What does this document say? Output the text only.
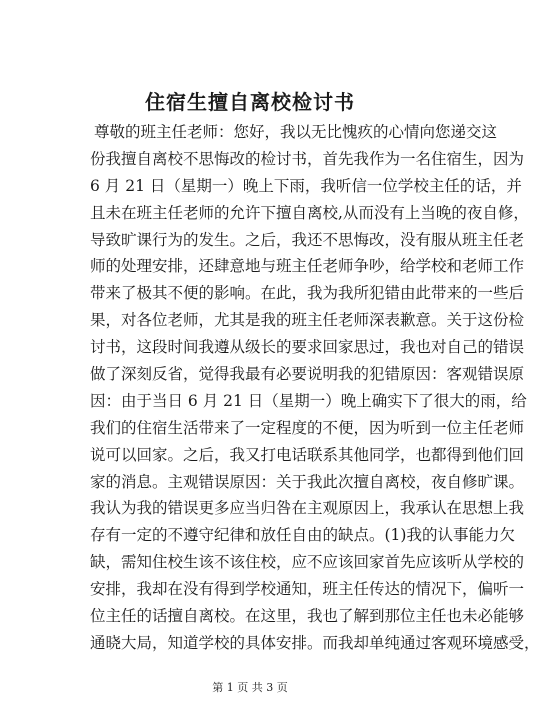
住宿生擅自离校检讨书
尊敬的班主任老师：您好，我以无比愧疚的心情向您递交这
份我擅自离校不思悔改的检讨书，首先我作为一名住宿生，因为
6 月 21 日（星期一）晚上下雨，我听信一位学校主任的话，并
且未在班主任老师的允许下擅自离校,从而没有上当晚的夜自修，
导致旷课行为的发生。之后，我还不思悔改，没有服从班主任老
师的处理安排，还肆意地与班主任老师争吵，给学校和老师工作
带来了极其不便的影响。在此，我为我所犯错由此带来的一些后
果，对各位老师，尤其是我的班主任老师深表歉意。关于这份检
讨书，这段时间我遵从级长的要求回家思过，我也对自己的错误
做了深刻反省，觉得我最有必要说明我的犯错原因：客观错误原
因：由于当日 6 月 21 日（星期一）晚上确实下了很大的雨，给
我们的住宿生活带来了一定程度的不便，因为听到一位主任老师
说可以回家。之后，我又打电话联系其他同学，也都得到他们回
家的消息。主观错误原因：关于我此次擅自离校，夜自修旷课。
我认为我的错误更多应当归咎在主观原因上，我承认在思想上我
存有一定的不遵守纪律和放任自由的缺点。(1)我的认事能力欠
缺，需知住校生该不该住校，应不应该回家首先应该听从学校的
安排，我却在没有得到学校通知，班主任传达的情况下，偏听一
位主任的话擅自离校。在这里，我也了解到那位主任也未必能够
通晓大局，知道学校的具体安排。而我却单纯通过客观环境感受，
第 1 页 共 3 页
